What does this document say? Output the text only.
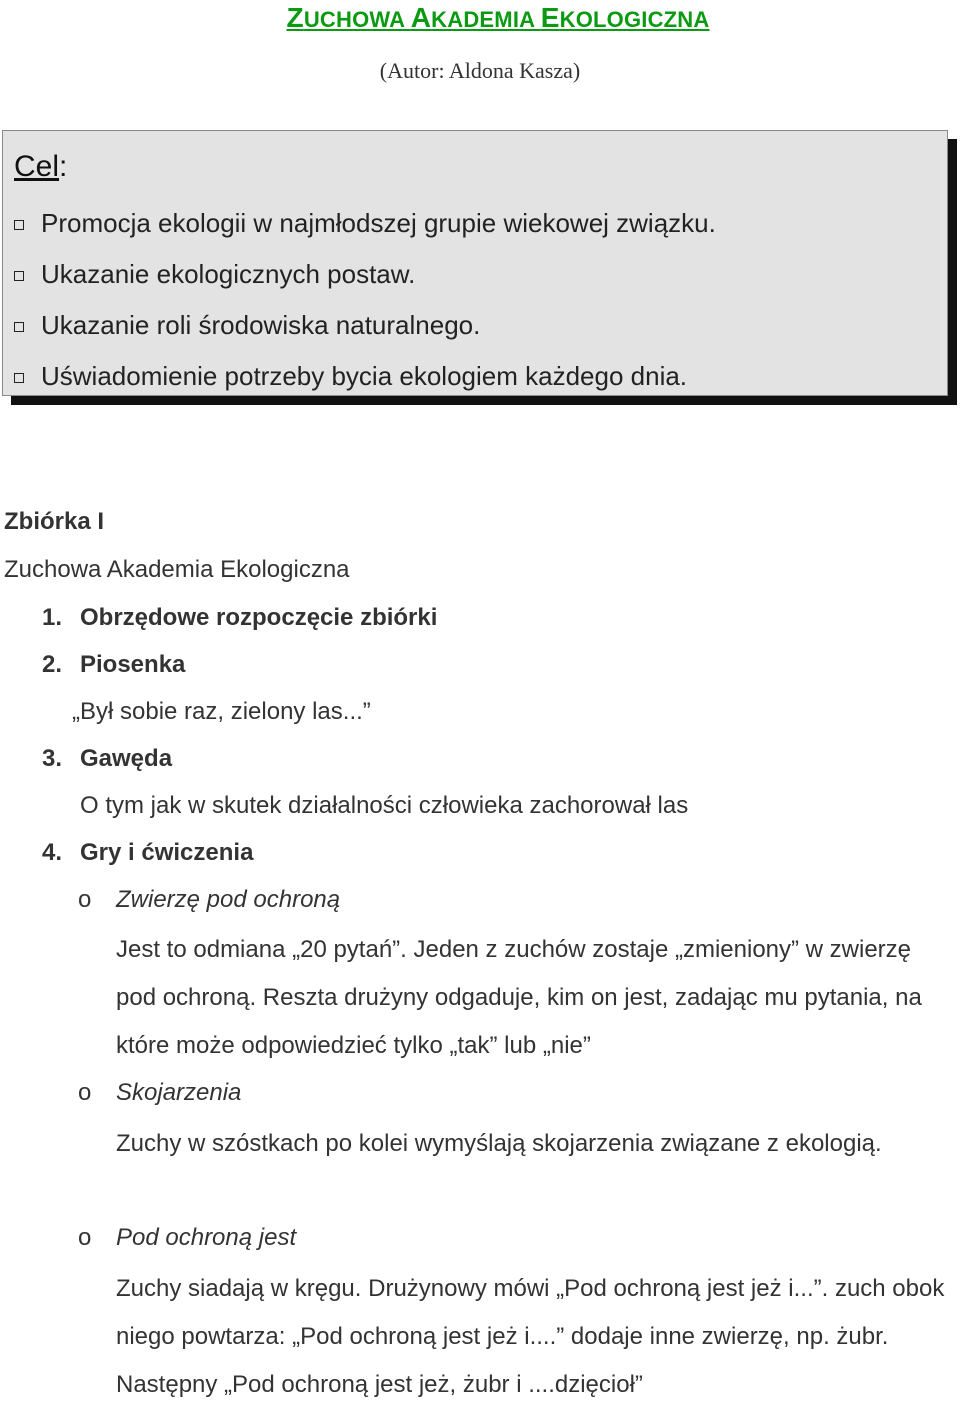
ZUCHOWA AKADEMIA EKOLOGICZNA
(Autor: Aldona Kasza)
Cel:
Promocja ekologii w najmłodszej grupie wiekowej związku.
Ukazanie ekologicznych postaw.
Ukazanie roli środowiska naturalnego.
Uświadomienie potrzeby bycia ekologiem każdego dnia.
Zbiórka I
Zuchowa Akademia Ekologiczna
1. Obrzędowe rozpoczęcie zbiórki
2. Piosenka
„Był sobie raz, zielony las...”
3. Gawęda
O tym jak w skutek działalności człowieka zachorował las
4. Gry i ćwiczenia
o Zwierzę pod ochroną
Jest to odmiana „20 pytań”. Jeden z zuchów zostaje „zmieniony” w zwierzę pod ochroną. Reszta drużyny odgaduje, kim on jest, zadając mu pytania, na które może odpowiedzieć tylko „tak” lub „nie”
o Skojarzenia
Zuchy w szóstkach po kolei wymyślają skojarzenia związane z ekologią.
o Pod ochroną jest
Zuchy siadają w kręgu. Drużynowy mówi „Pod ochroną jest jeż i...”. zuch obok niego powtarza: „Pod ochroną jest jeż i....” dodaje inne zwierzę, np. żubr. Następny „Pod ochroną jest jeż, żubr i ....dzięcioł”
